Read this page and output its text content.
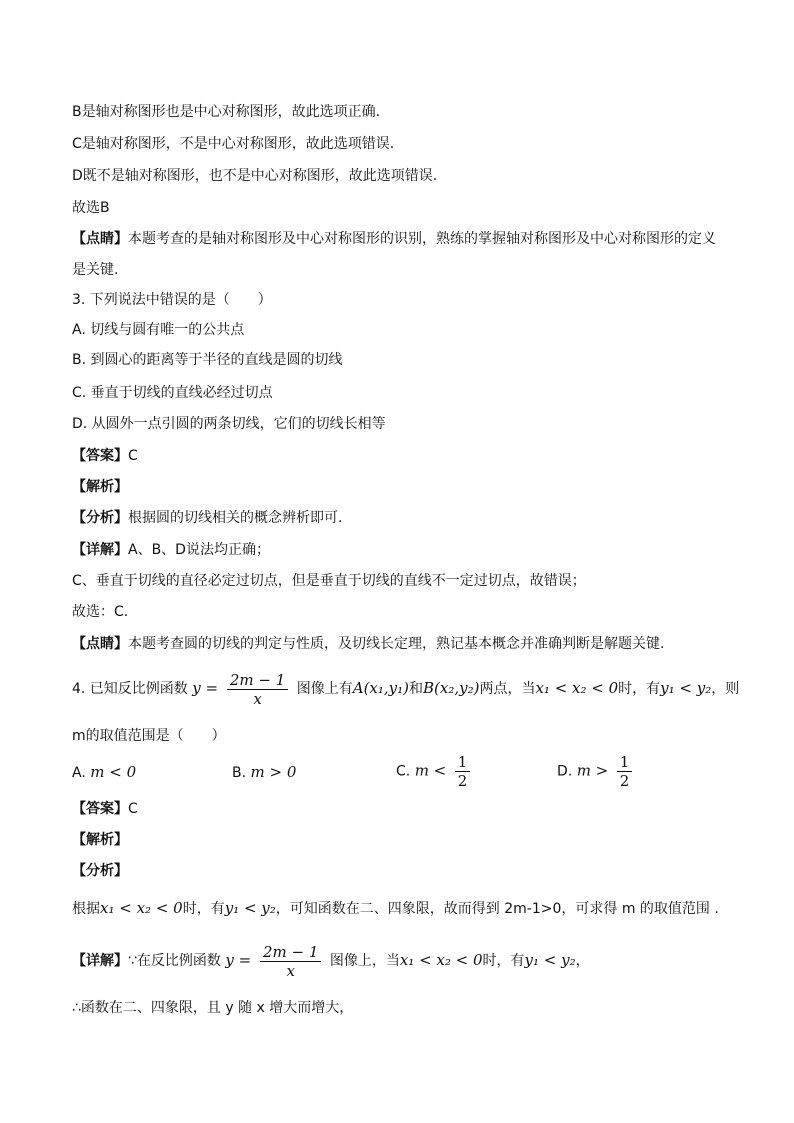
B是轴对称图形也是中心对称图形，故此选项正确.
C是轴对称图形，不是中心对称图形，故此选项错误.
D既不是轴对称图形，也不是中心对称图形，故此选项错误.
故选B
【点睛】本题考查的是轴对称图形及中心对称图形的识别，熟练的掌握轴对称图形及中心对称图形的定义
是关键.
3. 下列说法中错误的是（　　）
A. 切线与圆有唯一的公共点
B. 到圆心的距离等于半径的直线是圆的切线
C. 垂直于切线的直线必经过切点
D. 从圆外一点引圆的两条切线，它们的切线长相等
【答案】C
【解析】
【分析】根据圆的切线相关的概念辨析即可.
【详解】A、B、D说法均正确；
C、垂直于切线的直径必定过切点，但是垂直于切线的直线不一定过切点，故错误；
故选：C.
【点睛】本题考查圆的切线的判定与性质，及切线长定理，熟记基本概念并准确判断是解题关键.
4. 已知反比例函数 $y = \frac{2m - 1}{x}$ 图像上有A(x₁,y₁)和B(x₂,y₂)两点，当x₁ < x₂ < 0时，有y₁ < y₂，则
m的取值范围是（　　）
A. m < 0	B. m > 0	C. $m < \frac{1}{2}$	D. $m > \frac{1}{2}$
【答案】C
【解析】
【分析】
根据x₁ < x₂ < 0时，有y₁ < y₂，可知函数在二、四象限，故而得到 2m-1>0，可求得 m 的取值范围 .
【详解】∵在反比例函数 $y = \frac{2m - 1}{x}$ 图像上，当x₁ < x₂ < 0时，有y₁ < y₂，
∴函数在二、四象限，且 y 随 x 增大而增大，
